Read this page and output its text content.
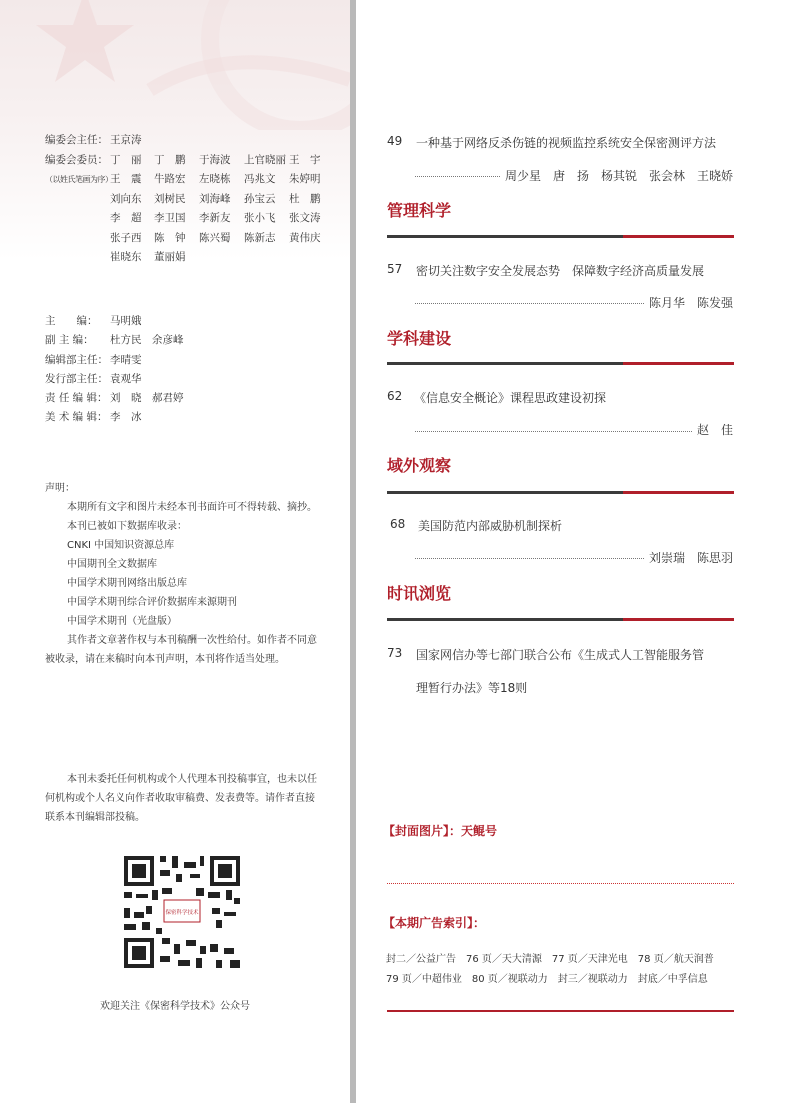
编委会主任： 王京涛
编委会委员：
（以姓氏笔画为序）
丁　丽	丁　鹏	于海波	上官晓丽 王　宇
王　震	牛路宏	左晓栋	冯兆文	朱婷明
刘向东	刘树民	刘海峰	孙宝云	杜　鹏
李　超	李卫国	李新友	张小飞	张文涛
张子西	陈　钟	陈兴蜀	陈新志	黄伟庆
崔晓东	董丽娟
主　　编： 马明娥
副 主 编： 杜方民　余彦峰
编辑部主任： 李晴雯
发行部主任： 袁观华
责 任 编 辑： 刘　晓　郝君婷
美 术 编 辑： 李　冰

声明：

本期所有文字和图片未经本刊书面许可不得转载、摘抄。

本刊已被如下数据库收录：

CNKI 中国知识资源总库

中国期刊全文数据库

中国学术期刊网络出版总库

中国学术期刊综合评价数据库来源期刊

中国学术期刊（光盘版）

其作者文章著作权与本刊稿酬一次性给付。如作者不同意被收录，请在来稿时向本刊声明，本刊将作适当处理。

本刊未委托任何机构或个人代理本刊投稿事宜，也未以任何机构或个人名义向作者收取审稿费、发表费等。请作者直接联系本刊编辑部投稿。

保密科学技术
欢迎关注《保密科学技术》公众号
49 一种基于网络反杀伤链的视频监控系统安全保密测评方法
周少星　唐　扬　杨其锐　张会林　王晓娇
管理科学
57 密切关注数字安全发展态势　保障数字经济高质量发展
陈月华　陈发强
学科建设
62 《信息安全概论》课程思政建设初探
赵　佳
域外观察
68 美国防范内部威胁机制探析
刘崇瑞　陈思羽
时讯浏览
73 国家网信办等七部门联合公布《生成式人工智能服务管
理暂行办法》等18则
【封面图片】：天鲲号
【本期广告索引】：
封二／公益广告　76 页／天大清源　77 页／天津光电　78 页／航天润普
79 页／中超伟业　80 页／视联动力　封三／视联动力　封底／中孚信息
